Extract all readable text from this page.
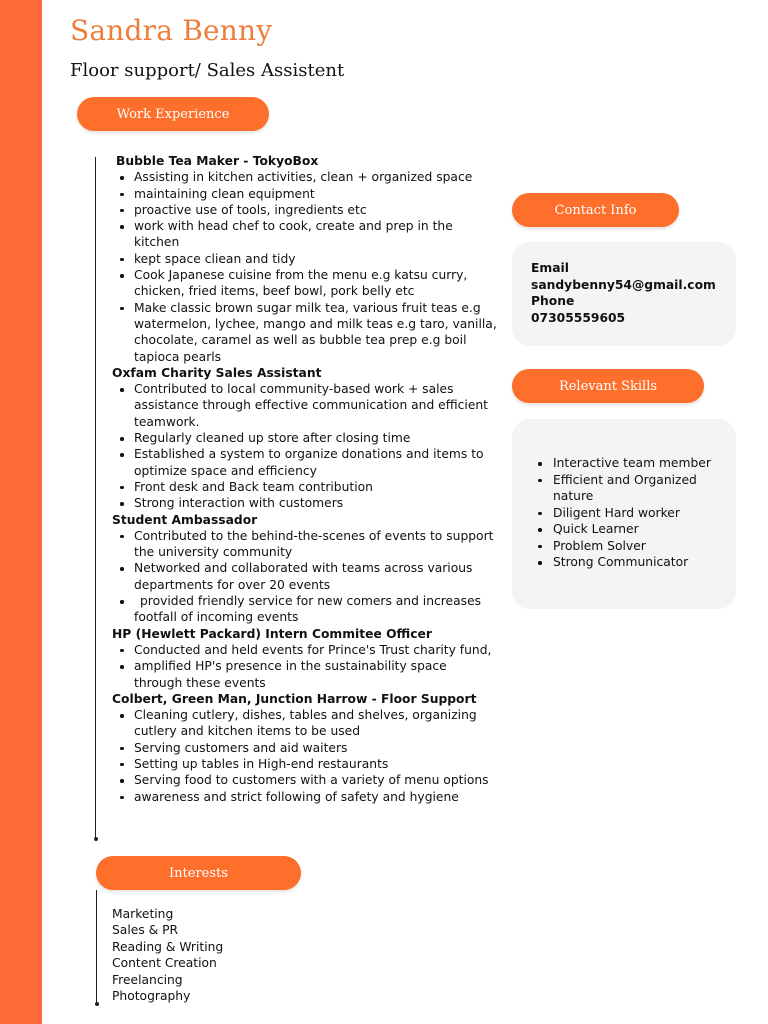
Sandra Benny
Floor support/ Sales Assistent
Work Experience
Bubble Tea Maker - TokyoBox
Assisting in kitchen activities, clean + organized space
maintaining clean equipment
proactive use of tools, ingredients etc
work with head chef to cook, create and prep in the kitchen
kept space cliean and tidy
Cook Japanese cuisine from the menu e.g katsu curry, chicken, fried items, beef bowl, pork belly etc
Make classic brown sugar milk tea, various fruit teas e.g watermelon, lychee, mango and milk teas e.g taro, vanilla, chocolate, caramel as well as bubble tea prep e.g boil tapioca pearls
Oxfam Charity Sales Assistant
Contributed to local community-based work + sales assistance through effective communication and efficient teamwork.
Regularly cleaned up store after closing time
Established a system to organize donations and items to optimize space and efficiency
Front desk and Back team contribution
Strong interaction with customers
Student Ambassador
Contributed to the behind-the-scenes of events to support the university community
Networked and collaborated with teams across various departments for over 20 events
provided friendly service for new comers and increases footfall of incoming events
HP (Hewlett Packard) Intern Commitee Officer
Conducted and held events for Prince's Trust charity fund,
amplified HP's presence in the sustainability space through these events
Colbert, Green Man, Junction Harrow - Floor Support
Cleaning cutlery, dishes, tables and shelves, organizing cutlery and kitchen items to be used
Serving customers and aid waiters
Setting up tables in High-end restaurants
Serving food to customers with a variety of menu options
awareness and strict following of safety and hygiene
Interests
Marketing
Sales & PR
Reading & Writing
Content Creation
Freelancing
Photography
Contact Info
Email
sandybenny54@gmail.com
Phone
07305559605
Relevant Skills
Interactive team member
Efficient and Organized nature
Diligent Hard worker
Quick Learner
Problem Solver
Strong Communicator
